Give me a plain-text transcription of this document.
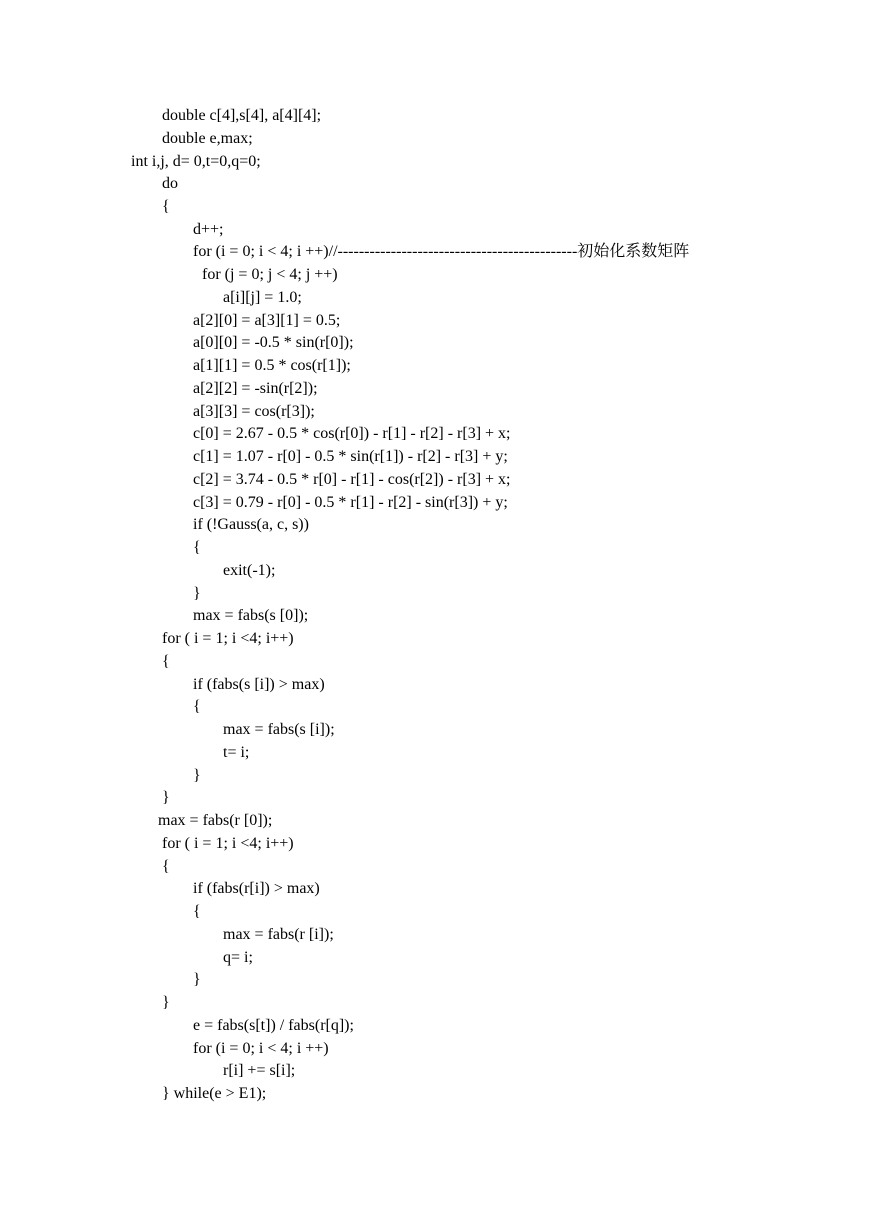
double c[4],s[4], a[4][4];
double e,max;
int i,j, d= 0,t=0,q=0;
do
{
d++;
for (i = 0; i < 4; i ++)//---------------------------------------------初始化系数矩阵
for (j = 0; j < 4; j ++)
a[i][j] = 1.0;
a[2][0] = a[3][1] = 0.5;
a[0][0] = -0.5 * sin(r[0]);
a[1][1] = 0.5 * cos(r[1]);
a[2][2] = -sin(r[2]);
a[3][3] = cos(r[3]);
c[0] = 2.67 - 0.5 * cos(r[0]) - r[1] - r[2] - r[3] + x;
c[1] = 1.07 - r[0] - 0.5 * sin(r[1]) - r[2] - r[3] + y;
c[2] = 3.74 - 0.5 * r[0] - r[1] - cos(r[2]) - r[3] + x;
c[3] = 0.79 - r[0] - 0.5 * r[1] - r[2] - sin(r[3]) + y;
if (!Gauss(a, c, s))
{
exit(-1);
}
max = fabs(s [0]);
for ( i = 1; i <4; i++)
{
if (fabs(s [i]) > max)
{
max = fabs(s [i]);
t= i;
}
}
max = fabs(r [0]);
for ( i = 1; i <4; i++)
{
if (fabs(r[i]) > max)
{
max = fabs(r [i]);
q= i;
}
}
e = fabs(s[t]) / fabs(r[q]);
for (i = 0; i < 4; i ++)
r[i] += s[i];
} while(e > E1);
